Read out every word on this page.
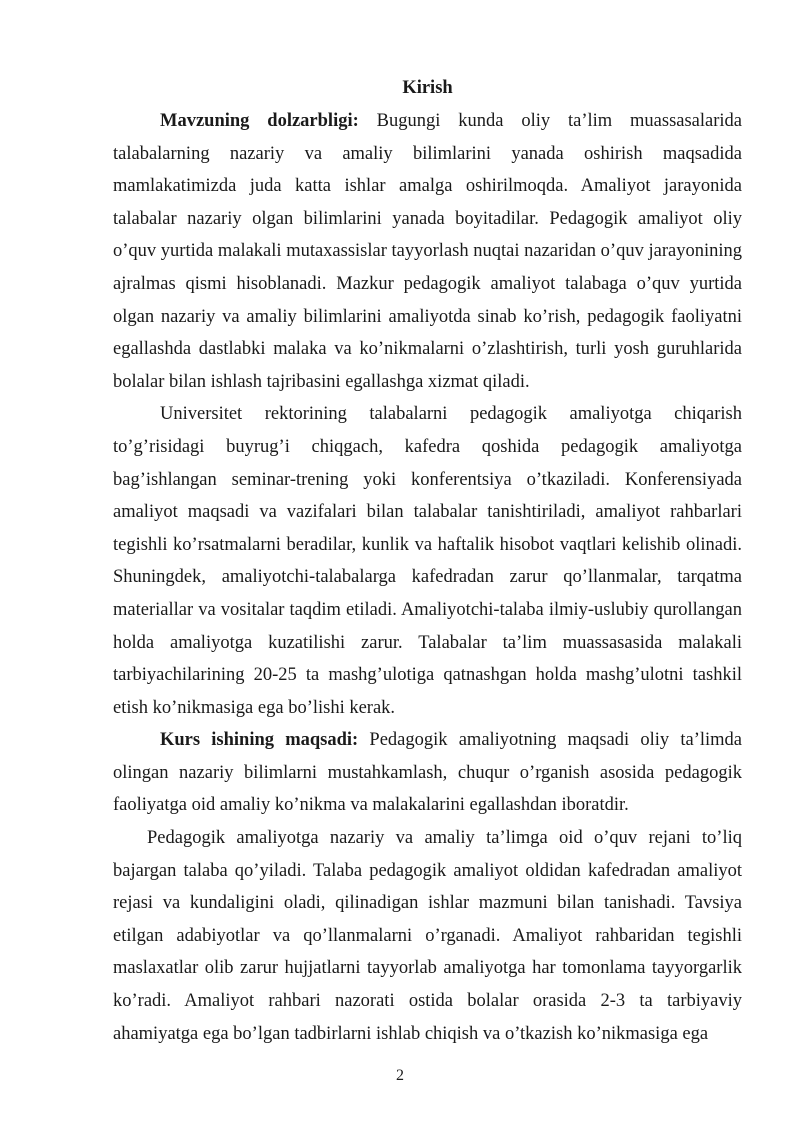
Kirish

Mavzuning dolzarbligi: Bugungi kunda oliy ta’lim muassasalarida talabalarning nazariy va amaliy bilimlarini yanada oshirish maqsadida mamlakatimizda juda katta ishlar amalga oshirilmoqda. Amaliyot jarayonida talabalar nazariy olgan bilimlarini yanada boyitadilar. Pedagogik amaliyot oliy o’quv yurtida malakali mutaxassislar tayyorlash nuqtai nazaridan o’quv jarayonining ajralmas qismi hisoblanadi. Mazkur pedagogik amaliyot talabaga o’quv yurtida olgan nazariy va amaliy bilimlarini amaliyotda sinab ko’rish, pedagogik faoliyatni egallashda dastlabki malaka va ko’nikmalarni o’zlashtirish, turli yosh guruhlarida bolalar bilan ishlash tajribasini egallashga xizmat qiladi.

Universitet rektorining talabalarni pedagogik amaliyotga chiqarish to’g’risidagi buyrug’i chiqgach, kafedra qoshida pedagogik amaliyotga bag’ishlangan seminar-trening yoki konferentsiya o’tkaziladi. Konferensiyada amaliyot maqsadi va vazifalari bilan talabalar tanishtiriladi, amaliyot rahbarlari tegishli ko’rsatmalarni beradilar, kunlik va haftalik hisobot vaqtlari kelishib olinadi. Shuningdek, amaliyotchi-talabalarga kafedradan zarur qo’llanmalar, tarqatma materiallar va vositalar taqdim etiladi. Amaliyotchi-talaba ilmiy-uslubiy qurollangan holda amaliyotga kuzatilishi zarur. Talabalar ta’lim muassasasida malakali tarbiyachilarining 20-25 ta mashg’ulotiga qatnashgan holda mashg’ulotni tashkil etish ko’nikmasiga ega bo’lishi kerak.

Kurs ishining maqsadi: Pedagogik amaliyotning maqsadi oliy ta’limda olingan nazariy bilimlarni mustahkamlash, chuqur o’rganish asosida pedagogik faoliyatga oid amaliy ko’nikma va malakalarini egallashdan iboratdir.

Pedagogik amaliyotga nazariy va amaliy ta’limga oid o’quv rejani to’liq bajargan talaba qo’yiladi. Talaba pedagogik amaliyot oldidan kafedradan amaliyot rejasi va kundaligini oladi, qilinadigan ishlar mazmuni bilan tanishadi. Tavsiya etilgan adabiyotlar va qo’llanmalarni o’rganadi. Amaliyot rahbaridan tegishli maslaxatlar olib zarur hujjatlarni tayyorlab amaliyotga har tomonlama tayyorgarlik ko’radi. Amaliyot rahbari nazorati ostida bolalar orasida 2-3 ta tarbiyaviy ahamiyatga ega bo’lgan tadbirlarni ishlab chiqish va o’tkazish ko’nikmasiga ega

2
